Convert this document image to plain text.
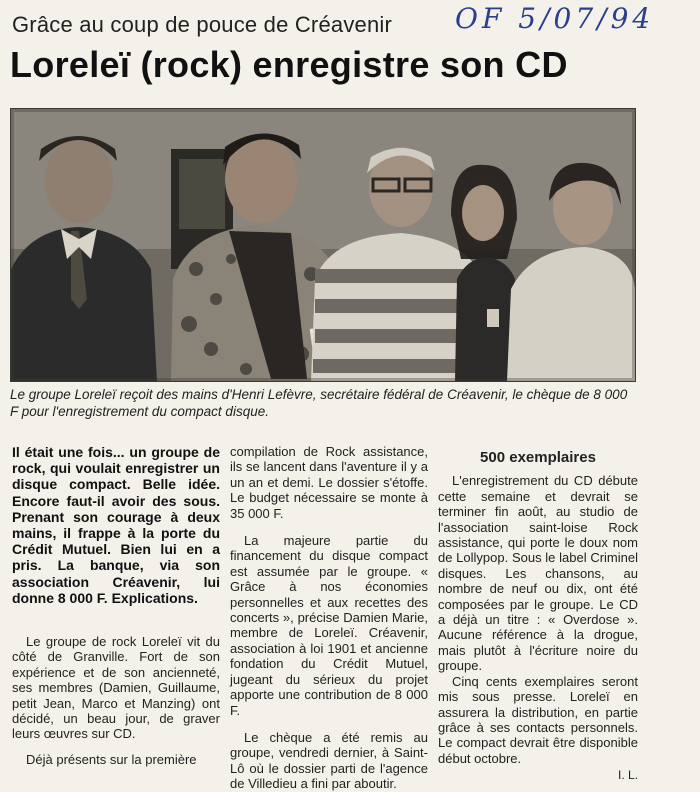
OF 5/07/94
Grâce au coup de pouce de Créavenir
Loreleï (rock) enregistre son CD

Le groupe Loreleï reçoit des mains d'Henri Lefèvre, secrétaire fédéral de Créavenir, le chèque de 8 000 F pour l'enregistrement du compact disque.

Il était une fois... un groupe de rock, qui voulait enregistrer un disque compact. Belle idée. Encore faut-il avoir des sous. Prenant son courage à deux mains, il frappe à la porte du Crédit Mutuel. Bien lui en a pris. La banque, via son association Créavenir, lui donne 8 000 F. Explications.

Le groupe de rock Loreleï vit du côté de Granville. Fort de son expérience et de son ancienneté, ses membres (Damien, Guillaume, petit Jean, Marco et Manzing) ont décidé, un beau jour, de graver leurs œuvres sur CD.

Déjà présents sur la première

compilation de Rock assistance, ils se lancent dans l'aventure il y a un an et demi. Le dossier s'étoffe. Le budget nécessaire se monte à 35 000 F.

La majeure partie du financement du disque compact est assumée par le groupe. « Grâce à nos économies personnelles et aux recettes des concerts », précise Damien Marie, membre de Loreleï. Créavenir, association à loi 1901 et ancienne fondation du Crédit Mutuel, jugeant du sérieux du projet apporte une contribution de 8 000 F.

Le chèque a été remis au groupe, vendredi dernier, à Saint-Lô où le dossier parti de l'agence de Villedieu a fini par aboutir.

500 exemplaires

L'enregistrement du CD débute cette semaine et devrait se terminer fin août, au studio de l'association saint-loise Rock assistance, qui porte le doux nom de Lollypop. Sous le label Criminel disques. Les chansons, au nombre de neuf ou dix, ont été composées par le groupe. Le CD a déjà un titre : « Overdose ». Aucune référence à la drogue, mais plutôt à l'écriture noire du groupe.

Cinq cents exemplaires seront mis sous presse. Loreleï en assurera la distribution, en partie grâce à ses contacts personnels. Le compact devrait être disponible début octobre.

I. L.
